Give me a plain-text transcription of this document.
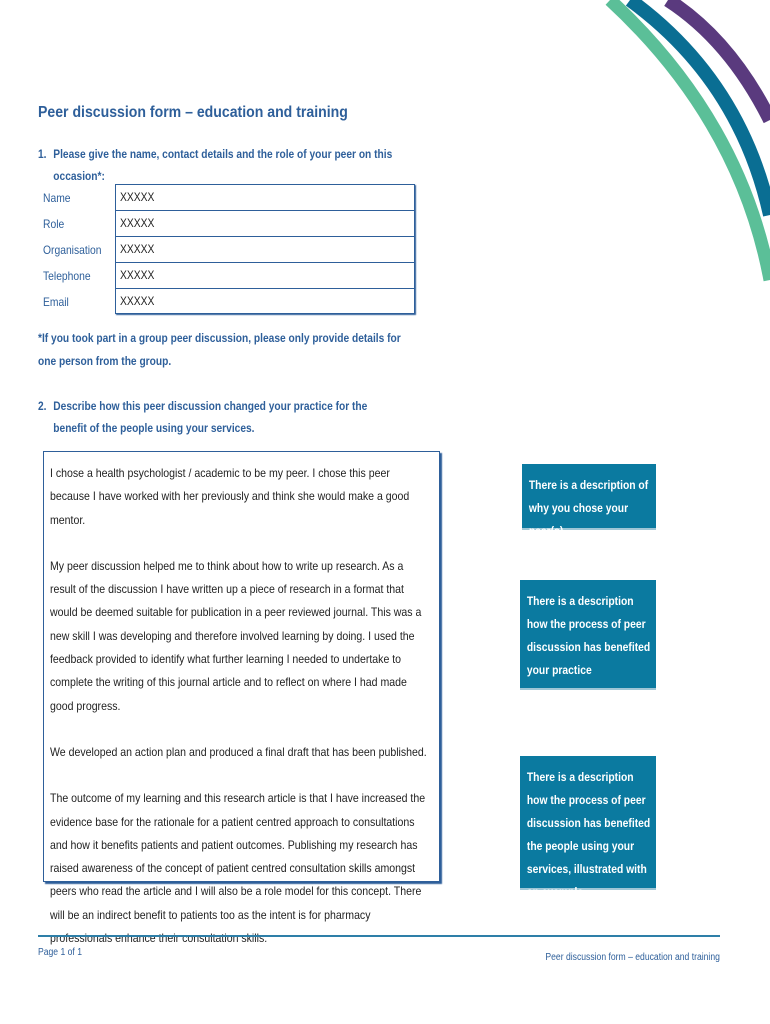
Peer discussion form – education and training
1. Please give the name, contact details and the role of your peer on this occasion*:
Name
Role
Organisation
Telephone
Email
XXXXX
XXXXX
XXXXX
XXXXX
XXXXX
*If you took part in a group peer discussion, please only provide details for one person from the group.
2. Describe how this peer discussion changed your practice for the benefit of the people using your services.

I chose a health psychologist / academic to be my peer. I chose this peer because I have worked with her previously and think she would make a good mentor.

My peer discussion helped me to think about how to write up research. As a result of the discussion I have written up a piece of research in a format that would be deemed suitable for publication in a peer reviewed journal. This was a new skill I was developing and therefore involved learning by doing. I used the feedback provided to identify what further learning I needed to undertake to complete the writing of this journal article and to reflect on where I had made good progress.

We developed an action plan and produced a final draft that has been published.

The outcome of my learning and this research article is that I have increased the evidence base for the rationale for a patient centred approach to consultations and how it benefits patients and patient outcomes. Publishing my research has raised awareness of the concept of patient centred consultation skills amongst peers who read the article and I will also be a role model for this concept. There will be an indirect benefit to patients too as the intent is for pharmacy professionals enhance their consultation skills.

There is a description of why you chose your peer(s)
There is a description how the process of peer discussion has benefited your practice
There is a description how the process of peer discussion has benefited the people using your services, illustrated with an example
Page 1 of 1	Peer discussion form – education and training
